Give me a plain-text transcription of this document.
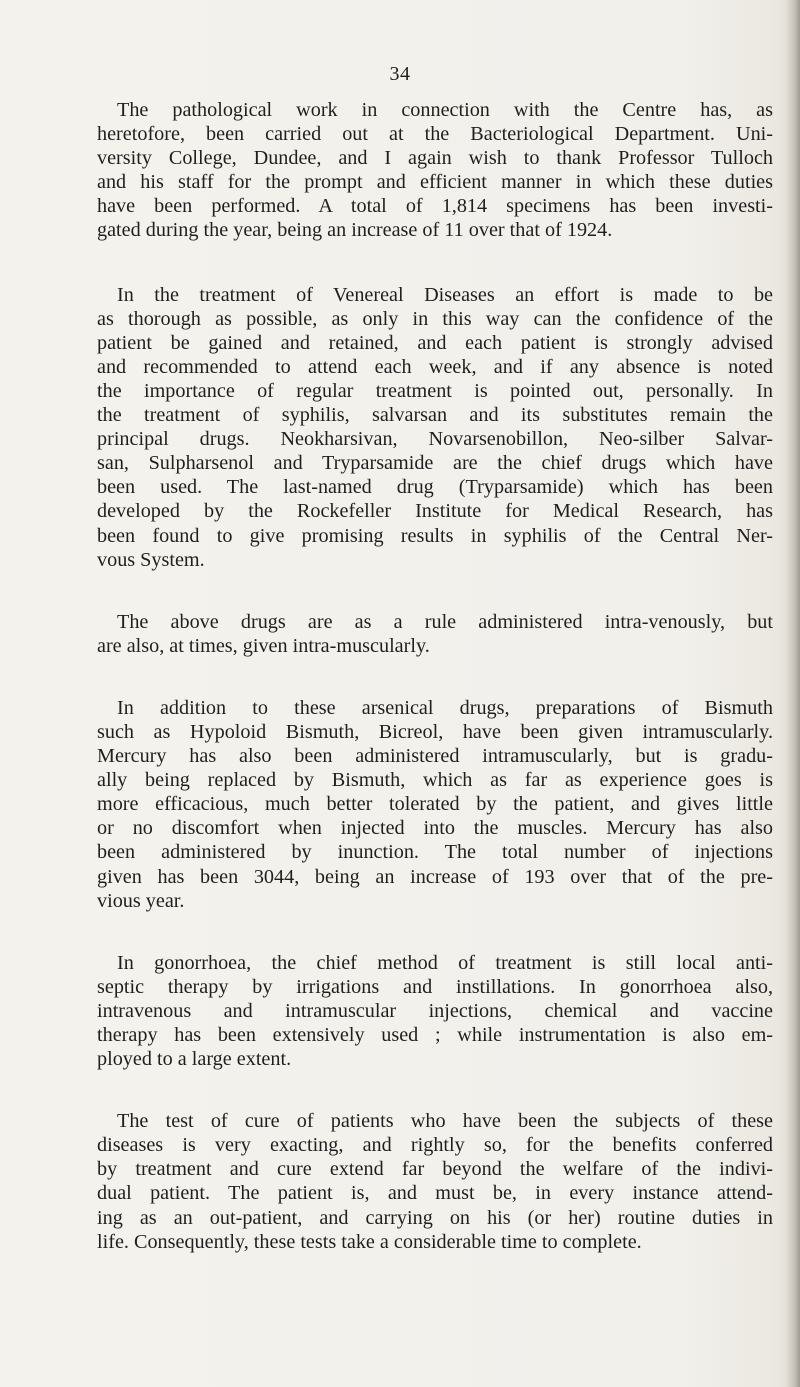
34

The pathological work in connection with the Centre has, as
heretofore, been carried out at the Bacteriological Department. Uni-
versity College, Dundee, and I again wish to thank Professor Tulloch
and his staff for the prompt and efficient manner in which these duties
have been performed. A total of 1,814 specimens has been investi-
gated during the year, being an increase of 11 over that of 1924.

In the treatment of Venereal Diseases an effort is made to be
as thorough as possible, as only in this way can the confidence of the
patient be gained and retained, and each patient is strongly advised
and recommended to attend each week, and if any absence is noted
the importance of regular treatment is pointed out, personally. In
the treatment of syphilis, salvarsan and its substitutes remain the
principal drugs. Neokharsivan, Novarsenobillon, Neo-silber Salvar-
san, Sulpharsenol and Tryparsamide are the chief drugs which have
been used. The last-named drug (Tryparsamide) which has been
developed by the Rockefeller Institute for Medical Research, has
been found to give promising results in syphilis of the Central Ner-
vous System.

The above drugs are as a rule administered intra-venously, but
are also, at times, given intra-muscularly.

In addition to these arsenical drugs, preparations of Bismuth
such as Hypoloid Bismuth, Bicreol, have been given intramuscularly.
Mercury has also been administered intramuscularly, but is gradu-
ally being replaced by Bismuth, which as far as experience goes is
more efficacious, much better tolerated by the patient, and gives little
or no discomfort when injected into the muscles. Mercury has also
been administered by inunction. The total number of injections
given has been 3044, being an increase of 193 over that of the pre-
vious year.

In gonorrhoea, the chief method of treatment is still local anti-
septic therapy by irrigations and instillations. In gonorrhoea also,
intravenous and intramuscular injections, chemical and vaccine
therapy has been extensively used ; while instrumentation is also em-
ployed to a large extent.

The test of cure of patients who have been the subjects of these
diseases is very exacting, and rightly so, for the benefits conferred
by treatment and cure extend far beyond the welfare of the indivi-
dual patient. The patient is, and must be, in every instance attend-
ing as an out-patient, and carrying on his (or her) routine duties in
life. Consequently, these tests take a considerable time to complete.
